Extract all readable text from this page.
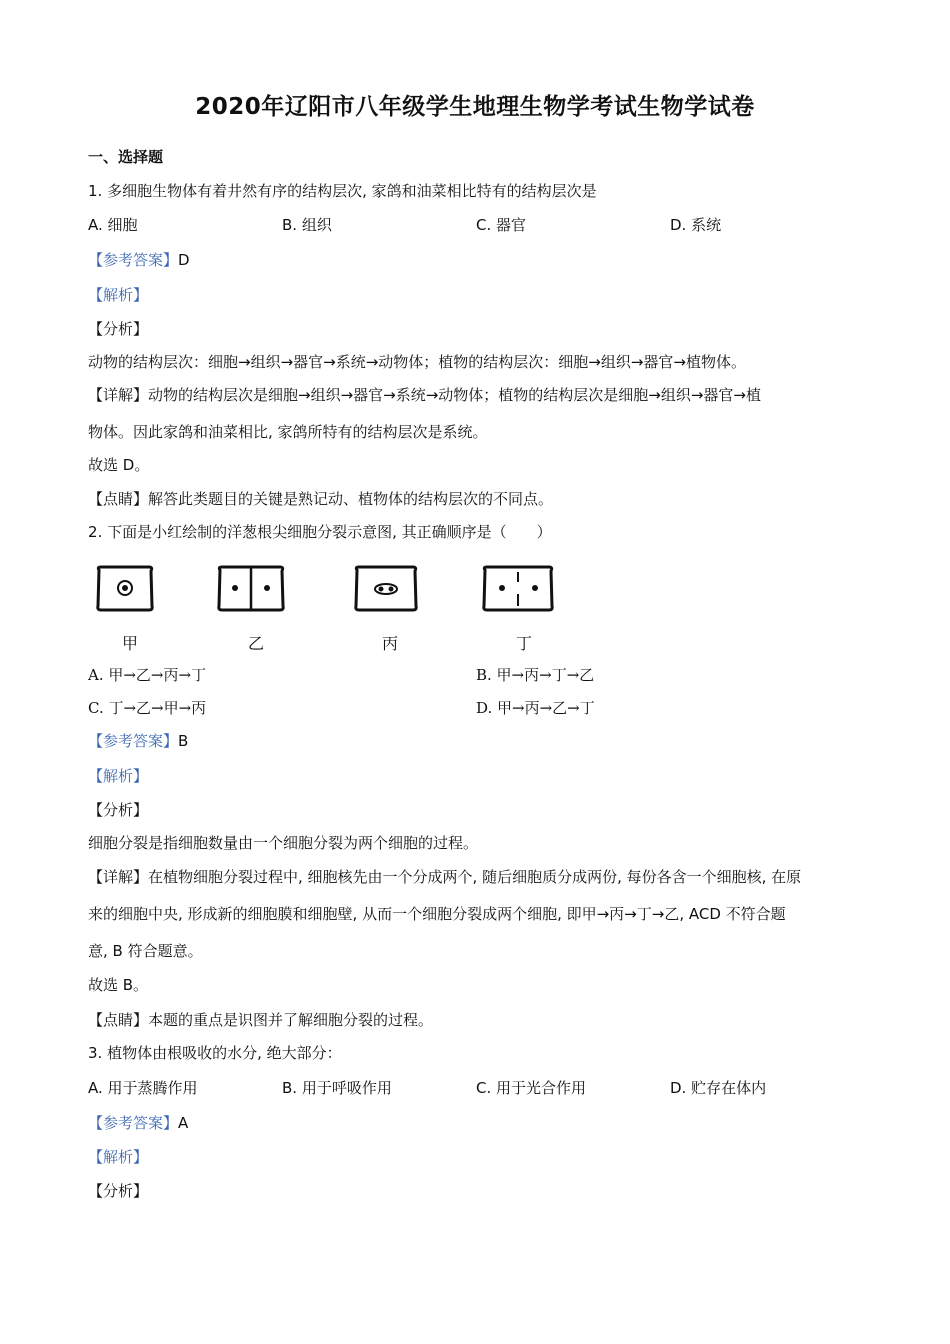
2020年辽阳市八年级学生地理生物学考试生物学试卷
一、选择题
1. 多细胞生物体有着井然有序的结构层次, 家鸽和油菜相比特有的结构层次是
A. 细胞	B. 组织	C. 器官	D. 系统
【参考答案】D
【解析】
【分析】
动物的结构层次：细胞→组织→器官→系统→动物体；植物的结构层次：细胞→组织→器官→植物体。
【详解】动物的结构层次是细胞→组织→器官→系统→动物体；植物的结构层次是细胞→组织→器官→植
物体。因此家鸽和油菜相比, 家鸽所特有的结构层次是系统。
故选 D。
【点睛】解答此类题目的关键是熟记动、植物体的结构层次的不同点。
2. 下面是小红绘制的洋葱根尖细胞分裂示意图, 其正确顺序是（　　）
甲	乙	丙	丁
A. 甲→乙→丙→丁	B. 甲→丙→丁→乙
C. 丁→乙→甲→丙	D. 甲→丙→乙→丁
【参考答案】B
【解析】
【分析】
细胞分裂是指细胞数量由一个细胞分裂为两个细胞的过程。
【详解】在植物细胞分裂过程中, 细胞核先由一个分成两个, 随后细胞质分成两份, 每份各含一个细胞核, 在原
来的细胞中央, 形成新的细胞膜和细胞壁, 从而一个细胞分裂成两个细胞, 即甲→丙→丁→乙, ACD 不符合题
意, B 符合题意。
故选 B。
【点睛】本题的重点是识图并了解细胞分裂的过程。
3. 植物体由根吸收的水分, 绝大部分：
A. 用于蒸腾作用	B. 用于呼吸作用	C. 用于光合作用	D. 贮存在体内
【参考答案】A
【解析】
【分析】
